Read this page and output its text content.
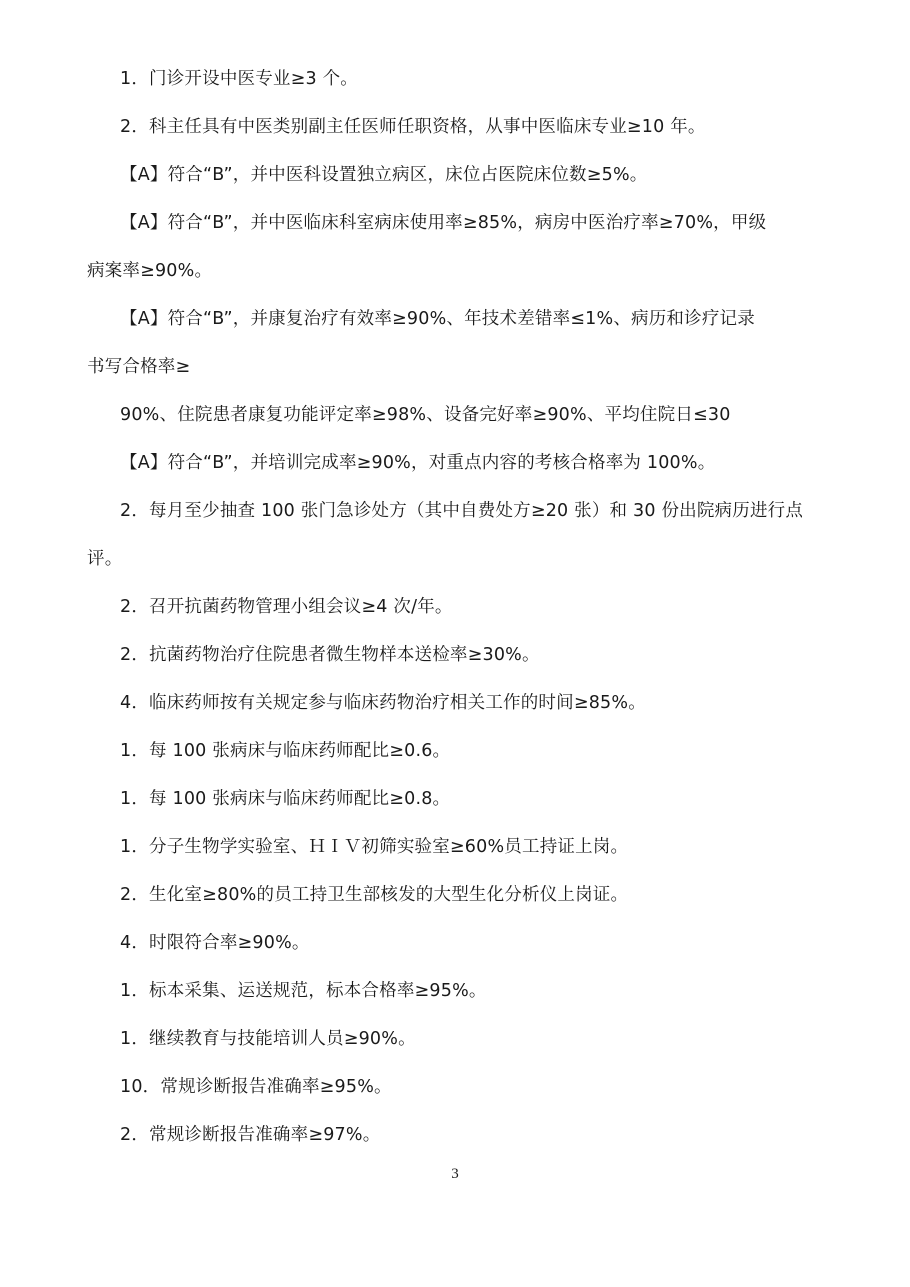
1．门诊开设中医专业≥3 个。
2．科主任具有中医类别副主任医师任职资格，从事中医临床专业≥10 年。
【A】符合“B”，并中医科设置独立病区，床位占医院床位数≥5%。
【A】符合“B”，并中医临床科室病床使用率≥85%，病房中医治疗率≥70%，甲级
病案率≥90%。
【A】符合“B”，并康复治疗有效率≥90%、年技术差错率≤1%、病历和诊疗记录
书写合格率≥
90%、住院患者康复功能评定率≥98%、设备完好率≥90%、平均住院日≤30
【A】符合“B”，并培训完成率≥90%，对重点内容的考核合格率为 100%。
2．每月至少抽查 100 张门急诊处方（其中自费处方≥20 张）和 30 份出院病历进行点
评。
2．召开抗菌药物管理小组会议≥4 次/年。
2．抗菌药物治疗住院患者微生物样本送检率≥30%。
4．临床药师按有关规定参与临床药物治疗相关工作的时间≥85%。
1．每 100 张病床与临床药师配比≥0.6。
1．每 100 张病床与临床药师配比≥0.8。
1．分子生物学实验室、ＨＩＶ初筛实验室≥60%员工持证上岗。
2．生化室≥80%的员工持卫生部核发的大型生化分析仪上岗证。
4．时限符合率≥90%。
1．标本采集、运送规范，标本合格率≥95%。
1．继续教育与技能培训人员≥90%。
10．常规诊断报告准确率≥95%。
2．常规诊断报告准确率≥97%。
3
